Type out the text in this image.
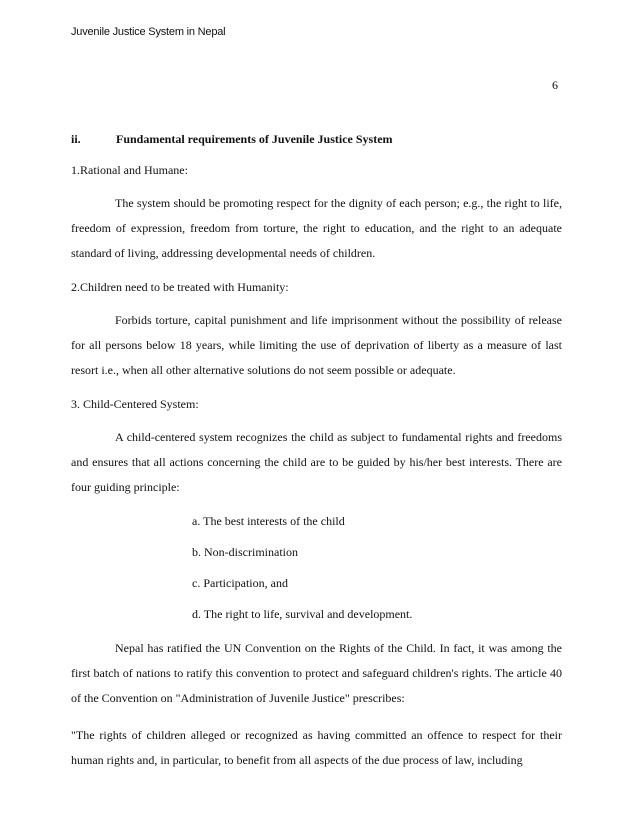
Juvenile Justice System in Nepal
6
ii.	Fundamental requirements of Juvenile Justice System
1.Rational and Humane:

The system should be promoting respect for the dignity of each person; e.g., the right to life, freedom of expression, freedom from torture, the right to education, and the right to an adequate standard of living, addressing developmental needs of children.

2.Children need to be treated with Humanity:

Forbids torture, capital punishment and life imprisonment without the possibility of release for all persons below 18 years, while limiting the use of deprivation of liberty as a measure of last resort i.e., when all other alternative solutions do not seem possible or adequate.

3. Child-Centered System:

A child-centered system recognizes the child as subject to fundamental rights and freedoms and ensures that all actions concerning the child are to be guided by his/her best interests. There are four guiding principle:

a. The best interests of the child
b. Non-discrimination
c. Participation, and
d. The right to life, survival and development.

Nepal has ratified the UN Convention on the Rights of the Child. In fact, it was among the first batch of nations to ratify this convention to protect and safeguard children's rights. The article 40 of the Convention on "Administration of Juvenile Justice" prescribes:

"The rights of children alleged or recognized as having committed an offence to respect for their human rights and, in particular, to benefit from all aspects of the due process of law, including
